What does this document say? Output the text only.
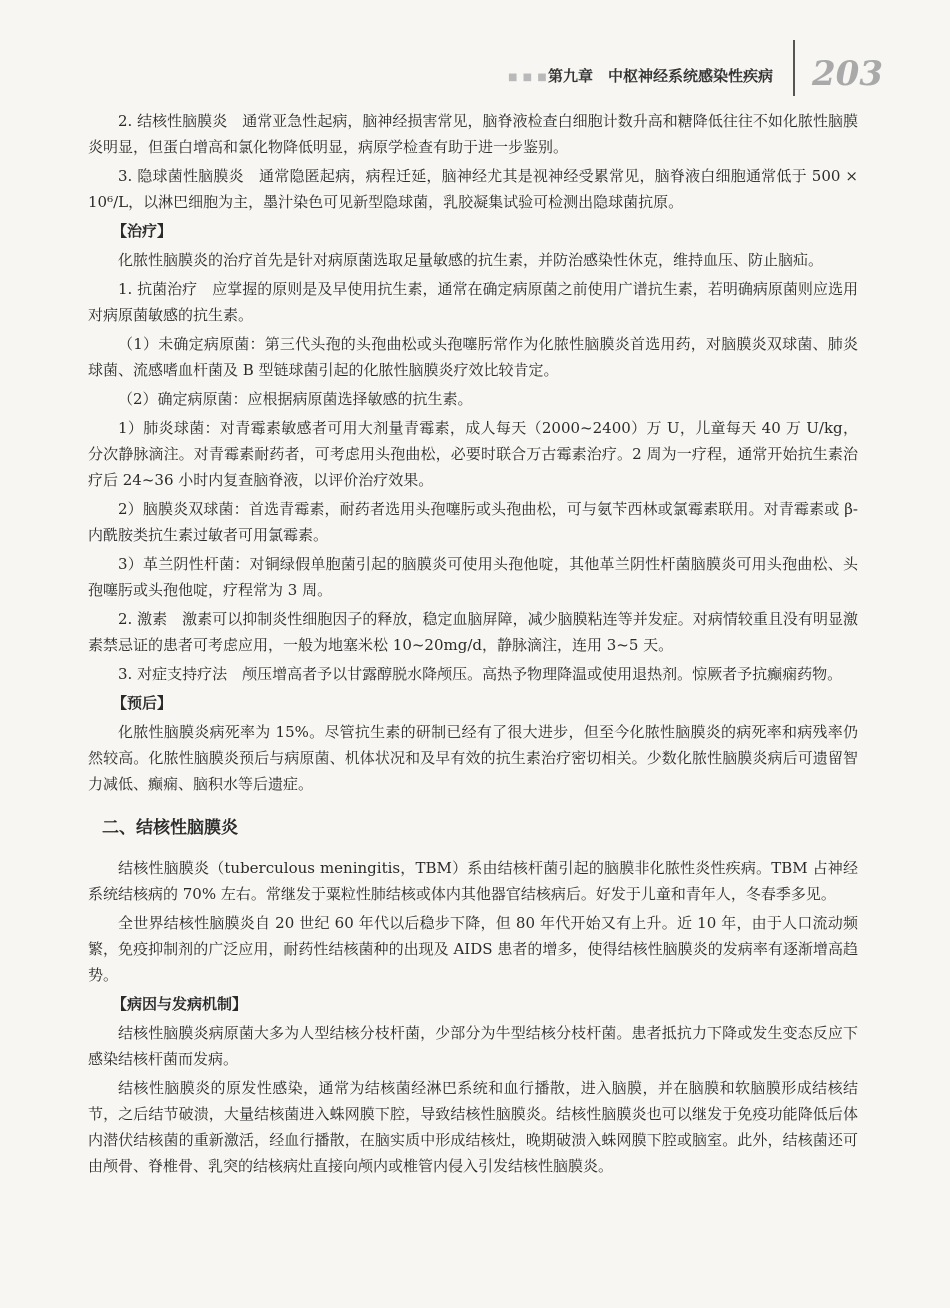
■ ■ ■ 第九章　中枢神经系统感染性疾病 203

2. 结核性脑膜炎　通常亚急性起病，脑神经损害常见，脑脊液检查白细胞计数升高和糖降低往往不如化脓性脑膜炎明显，但蛋白增高和氯化物降低明显，病原学检查有助于进一步鉴别。

3. 隐球菌性脑膜炎　通常隐匿起病，病程迁延，脑神经尤其是视神经受累常见，脑脊液白细胞通常低于 500 × 10⁶/L，以淋巴细胞为主，墨汁染色可见新型隐球菌，乳胶凝集试验可检测出隐球菌抗原。

【治疗】

化脓性脑膜炎的治疗首先是针对病原菌选取足量敏感的抗生素，并防治感染性休克，维持血压、防止脑疝。

1. 抗菌治疗　应掌握的原则是及早使用抗生素，通常在确定病原菌之前使用广谱抗生素，若明确病原菌则应选用对病原菌敏感的抗生素。

（1）未确定病原菌：第三代头孢的头孢曲松或头孢噻肟常作为化脓性脑膜炎首选用药，对脑膜炎双球菌、肺炎球菌、流感嗜血杆菌及 B 型链球菌引起的化脓性脑膜炎疗效比较肯定。

（2）确定病原菌：应根据病原菌选择敏感的抗生素。

1）肺炎球菌：对青霉素敏感者可用大剂量青霉素，成人每天（2000~2400）万 U，儿童每天 40 万 U/kg，分次静脉滴注。对青霉素耐药者，可考虑用头孢曲松，必要时联合万古霉素治疗。2 周为一疗程，通常开始抗生素治疗后 24~36 小时内复查脑脊液，以评价治疗效果。

2）脑膜炎双球菌：首选青霉素，耐药者选用头孢噻肟或头孢曲松，可与氨苄西林或氯霉素联用。对青霉素或 β- 内酰胺类抗生素过敏者可用氯霉素。

3）革兰阴性杆菌：对铜绿假单胞菌引起的脑膜炎可使用头孢他啶，其他革兰阴性杆菌脑膜炎可用头孢曲松、头孢噻肟或头孢他啶，疗程常为 3 周。

2. 激素　激素可以抑制炎性细胞因子的释放，稳定血脑屏障，减少脑膜粘连等并发症。对病情较重且没有明显激素禁忌证的患者可考虑应用，一般为地塞米松 10~20mg/d，静脉滴注，连用 3~5 天。

3. 对症支持疗法　颅压增高者予以甘露醇脱水降颅压。高热予物理降温或使用退热剂。惊厥者予抗癫痫药物。

【预后】

化脓性脑膜炎病死率为 15%。尽管抗生素的研制已经有了很大进步，但至今化脓性脑膜炎的病死率和病残率仍然较高。化脓性脑膜炎预后与病原菌、机体状况和及早有效的抗生素治疗密切相关。少数化脓性脑膜炎病后可遗留智力减低、癫痫、脑积水等后遗症。

二、结核性脑膜炎

结核性脑膜炎（tuberculous meningitis，TBM）系由结核杆菌引起的脑膜非化脓性炎性疾病。TBM 占神经系统结核病的 70% 左右。常继发于粟粒性肺结核或体内其他器官结核病后。好发于儿童和青年人，冬春季多见。

全世界结核性脑膜炎自 20 世纪 60 年代以后稳步下降，但 80 年代开始又有上升。近 10 年，由于人口流动频繁，免疫抑制剂的广泛应用，耐药性结核菌种的出现及 AIDS 患者的增多，使得结核性脑膜炎的发病率有逐渐增高趋势。

【病因与发病机制】

结核性脑膜炎病原菌大多为人型结核分枝杆菌，少部分为牛型结核分枝杆菌。患者抵抗力下降或发生变态反应下感染结核杆菌而发病。

结核性脑膜炎的原发性感染，通常为结核菌经淋巴系统和血行播散，进入脑膜，并在脑膜和软脑膜形成结核结节，之后结节破溃，大量结核菌进入蛛网膜下腔，导致结核性脑膜炎。结核性脑膜炎也可以继发于免疫功能降低后体内潜伏结核菌的重新激活，经血行播散，在脑实质中形成结核灶，晚期破溃入蛛网膜下腔或脑室。此外，结核菌还可由颅骨、脊椎骨、乳突的结核病灶直接向颅内或椎管内侵入引发结核性脑膜炎。
